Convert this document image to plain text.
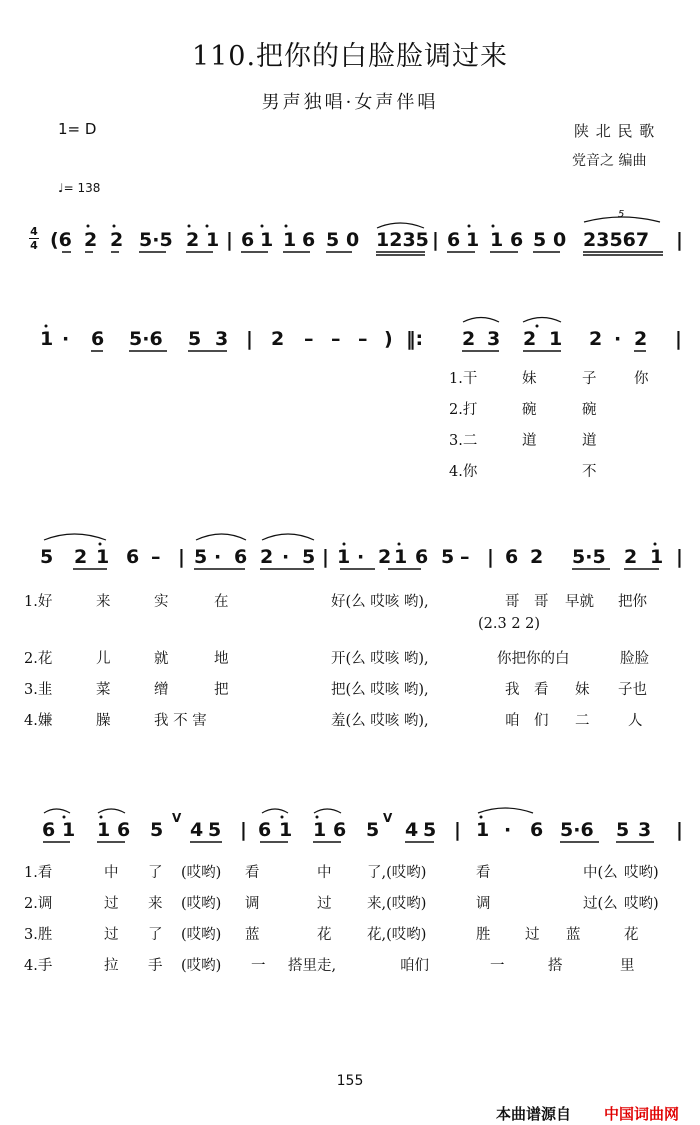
110.把你的白脸脸调过来
男声独唱·女声伴唱
1= D	陕 北 民 歌
党音之 编曲
♩= 138
4
4 (6 2 2 5·5 2 1 | 6 1 1 6 5 0 1235 | 6 1 1 6 5 0 23567 |
1 · 6 5·6 5 3 | 2 – – – ) ‖: 2 3 2 1 2 · 2 |
5 2 1 6 – | 5 · 6 2 · 5 | 1 · 2 1 6 5 – | 6 2 5·5 2 1 |
6 1 1 6 5
V
4 5 | 6 1 1 6 5
V
4 5 | 1 · 6 5·6 5 3 |
5
1.干	妹	子	你
2.打	碗	碗
3.二	道	道
4.你	不
1.好	来	实	在	好(么 哎咳 哟),	哥 哥 早就 把你
(2.3 2 2)
2.花	儿	就	地	开(么 哎咳 哟),	你把你的白	脸脸
3.韭	菜	缯	把	把(么 哎咳 哟),	我 看 妹 子也
4.嫌	臊	我 不 害	羞(么 哎咳 哟),	咱 们 二	人
1.看	中 了 (哎哟) 看	中 了,(哎哟)	看	中(么 哎哟)
2.调	过 来 (哎哟) 调	过 来,(哎哟)	调	过(么 哎哟)
3.胜	过 了 (哎哟) 蓝	花 花,(哎哟)	胜 过 蓝	花
4.手	拉 手 (哎哟) 一 搭里走,	咱们	一	搭	里
155
本曲谱源自 中国词曲网
